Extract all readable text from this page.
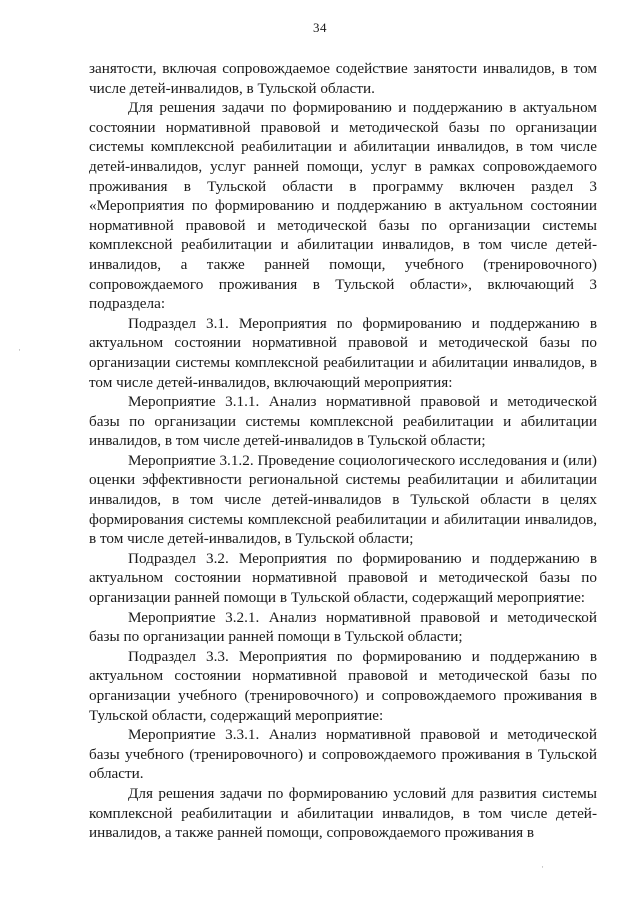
34

занятости, включая сопровождаемое содействие занятости инвалидов, в том числе детей-инвалидов, в Тульской области.

Для решения задачи по формированию и поддержанию в актуальном состоянии нормативной правовой и методической базы по организации системы комплексной реабилитации и абилитации инвалидов, в том числе детей-инвалидов, услуг ранней помощи, услуг в рамках сопровождаемого проживания в Тульской области в программу включен раздел 3 «Мероприятия по формированию и поддержанию в актуальном состоянии нормативной правовой и методической базы по организации системы комплексной реабилитации и абилитации инвалидов, в том числе детей-инвалидов, а также ранней помощи, учебного (тренировочного) сопровождаемого проживания в Тульской области», включающий 3 подраздела:

Подраздел 3.1. Мероприятия по формированию и поддержанию в актуальном состоянии нормативной правовой и методической базы по организации системы комплексной реабилитации и абилитации инвалидов, в том числе детей-инвалидов, включающий мероприятия:

Мероприятие 3.1.1. Анализ нормативной правовой и методической базы по организации системы комплексной реабилитации и абилитации инвалидов, в том числе детей-инвалидов в Тульской области;

Мероприятие 3.1.2. Проведение социологического исследования и (или) оценки эффективности региональной системы реабилитации и абилитации инвалидов, в том числе детей-инвалидов в Тульской области в целях формирования системы комплексной реабилитации и абилитации инвалидов, в том числе детей-инвалидов, в Тульской области;

Подраздел 3.2. Мероприятия по формированию и поддержанию в актуальном состоянии нормативной правовой и методической базы по организации ранней помощи в Тульской области, содержащий мероприятие:

Мероприятие 3.2.1. Анализ нормативной правовой и методической базы по организации ранней помощи в Тульской области;

Подраздел 3.3. Мероприятия по формированию и поддержанию в актуальном состоянии нормативной правовой и методической базы по организации учебного (тренировочного) и сопровождаемого проживания в Тульской области, содержащий мероприятие:

Мероприятие 3.3.1. Анализ нормативной правовой и методической базы учебного (тренировочного) и сопровождаемого проживания в Тульской области.

Для решения задачи по формированию условий для развития системы комплексной реабилитации и абилитации инвалидов, в том числе детей-инвалидов, а также ранней помощи, сопровождаемого проживания в

·
·
